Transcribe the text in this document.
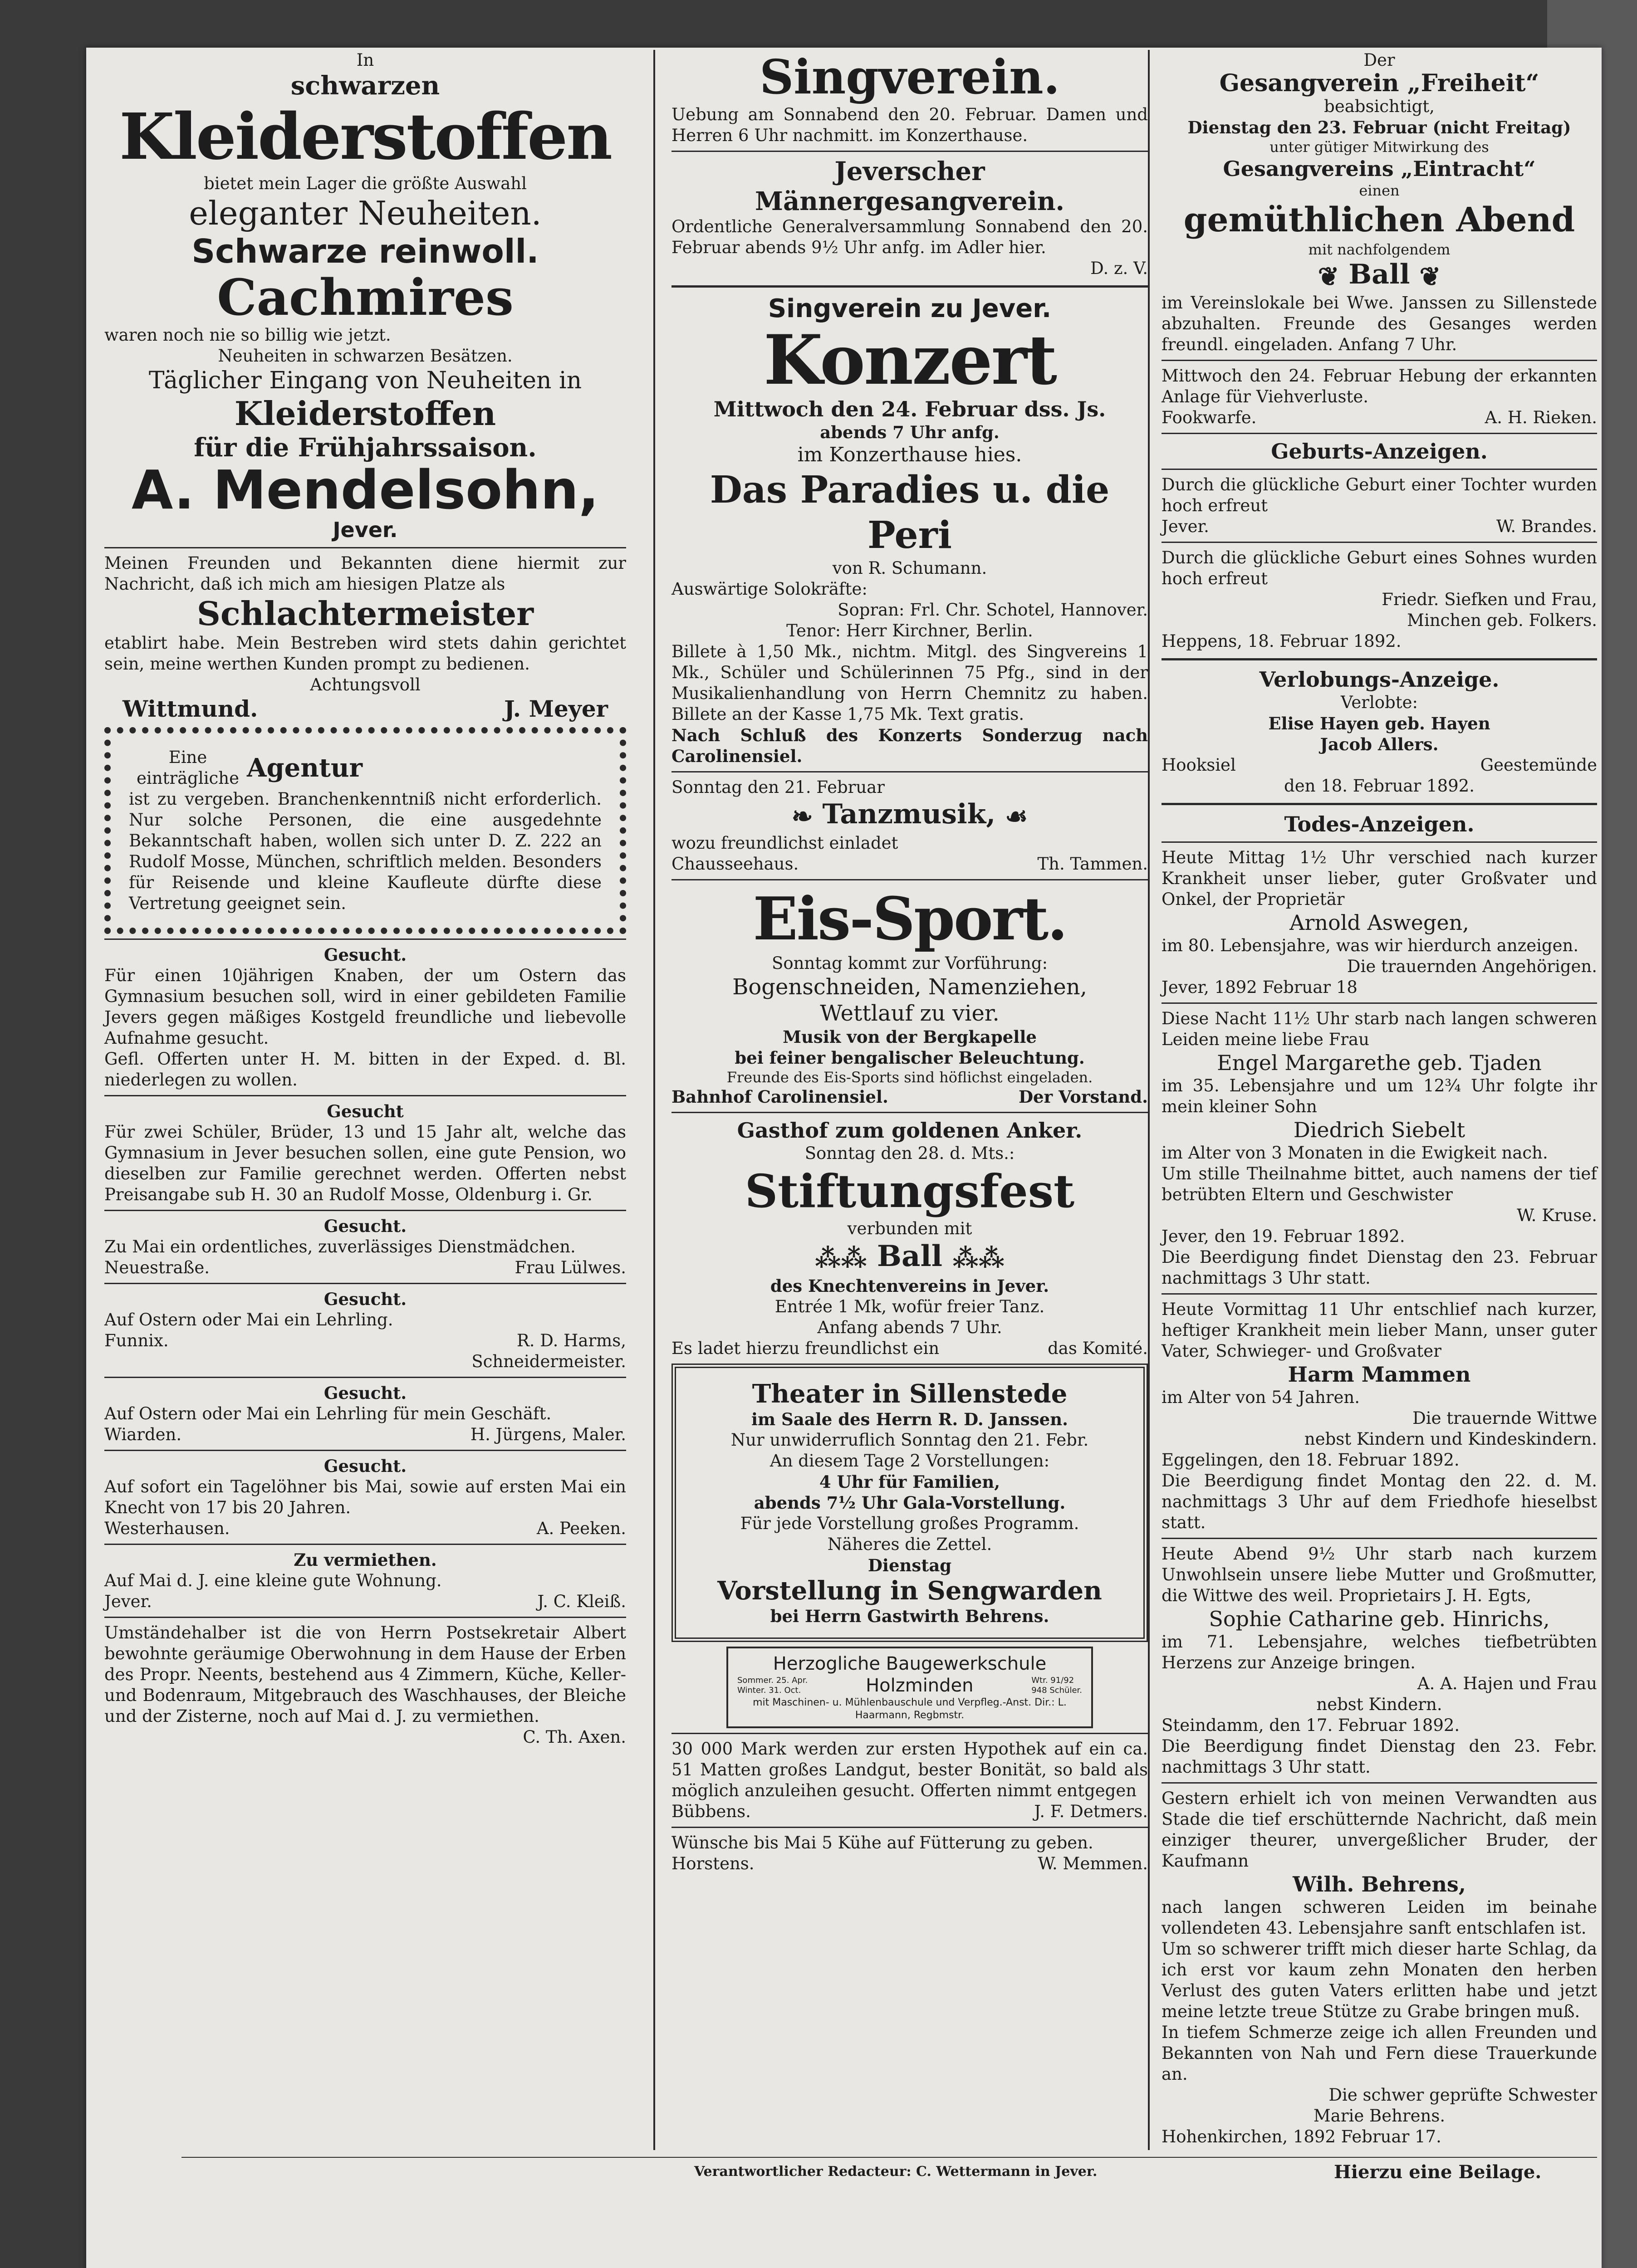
In

schwarzen

Kleiderstoffen

bietet mein Lager die größte Auswahl

eleganter Neuheiten.

Schwarze reinwoll.

Cachmires

waren noch nie so billig wie jetzt.

Neuheiten in schwarzen Besätzen.

Täglicher Eingang von Neuheiten in

Kleiderstoffen

für die Frühjahrssaison.

A. Mendelsohn,

Jever.

Meinen Freunden und Bekannten diene hiermit zur Nachricht, daß ich mich am hiesigen Platze als

Schlachtermeister

etablirt habe. Mein Bestreben wird stets dahin gerichtet sein, meine werthen Kunden prompt zu bedienen.

Achtungsvoll

Wittmund.	J. Meyer

Eine

einträgliche Agentur

ist zu vergeben. Branchenkenntniß nicht erforderlich. Nur solche Personen, die eine ausgedehnte Bekanntschaft haben, wollen sich unter D. Z. 222 an Rudolf Mosse, München, schriftlich melden. Besonders für Reisende und kleine Kaufleute dürfte diese Vertretung geeignet sein.

Gesucht.

Für einen 10jährigen Knaben, der um Ostern das Gymnasium besuchen soll, wird in einer gebildeten Familie Jevers gegen mäßiges Kostgeld freundliche und liebevolle Aufnahme gesucht.

Gefl. Offerten unter H. M. bitten in der Exped. d. Bl. niederlegen zu wollen.

Gesucht

Für zwei Schüler, Brüder, 13 und 15 Jahr alt, welche das Gymnasium in Jever besuchen sollen, eine gute Pension, wo dieselben zur Familie gerechnet werden. Offerten nebst Preisangabe sub H. 30 an Rudolf Mosse, Oldenburg i. Gr.

Gesucht.

Zu Mai ein ordentliches, zuverlässiges Dienstmädchen.

Neuestraße.	Frau Lülwes.

Gesucht.

Auf Ostern oder Mai ein Lehrling.

Funnix.	R. D. Harms,

Schneidermeister.

Gesucht.

Auf Ostern oder Mai ein Lehrling für mein Geschäft.

Wiarden.	H. Jürgens, Maler.

Gesucht.

Auf sofort ein Tagelöhner bis Mai, sowie auf ersten Mai ein Knecht von 17 bis 20 Jahren.

Westerhausen.	A. Peeken.

Zu vermiethen.

Auf Mai d. J. eine kleine gute Wohnung.

Jever.	J. C. Kleiß.

Umständehalber ist die von Herrn Postsekretair Albert bewohnte geräumige Oberwohnung in dem Hause der Erben des Propr. Neents, bestehend aus 4 Zimmern, Küche, Keller- und Bodenraum, Mitgebrauch des Waschhauses, der Bleiche und der Zisterne, noch auf Mai d. J. zu vermiethen.

C. Th. Axen.

Singverein.

Uebung am Sonnabend den 20. Februar. Damen und Herren 6 Uhr nachmitt. im Konzerthause.

Jeverscher

Männergesangverein.

Ordentliche Generalversammlung Sonnabend den 20. Februar abends 9½ Uhr anfg. im Adler hier.

D. z. V.

Singverein zu Jever.

Konzert

Mittwoch den 24. Februar dss. Js.

abends 7 Uhr anfg.

im Konzerthause hies.

Das Paradies u. die Peri

von R. Schumann.

Auswärtige Solokräfte:

Sopran: Frl. Chr. Schotel, Hannover.

Tenor: Herr Kirchner, Berlin.

Billete à 1,50 Mk., nichtm. Mitgl. des Singvereins 1 Mk., Schüler und Schülerinnen 75 Pfg., sind in der Musikalienhandlung von Herrn Chemnitz zu haben. Billete an der Kasse 1,75 Mk. Text gratis.

Nach Schluß des Konzerts Sonderzug nach Carolinensiel.

Sonntag den 21. Februar

❧ Tanzmusik, ☙

wozu freundlichst einladet

Chausseehaus.	Th. Tammen.

Eis-Sport.

Sonntag kommt zur Vorführung:

Bogenschneiden, Namenziehen,

Wettlauf zu vier.

Musik von der Bergkapelle

bei feiner bengalischer Beleuchtung.

Freunde des Eis-Sports sind höflichst eingeladen.

Bahnhof Carolinensiel.	Der Vorstand.

Gasthof zum goldenen Anker.

Sonntag den 28. d. Mts.:

Stiftungsfest

verbunden mit

⁂⁂ Ball ⁂⁂

des Knechtenvereins in Jever.

Entrée 1 Mk, wofür freier Tanz.

Anfang abends 7 Uhr.

Es ladet hierzu freundlichst ein	das Komité.

Theater in Sillenstede

im Saale des Herrn R. D. Janssen.

Nur unwiderruflich Sonntag den 21. Febr.

An diesem Tage 2 Vorstellungen:

4 Uhr für Familien,

abends 7½ Uhr Gala-Vorstellung.

Für jede Vorstellung großes Programm.

Näheres die Zettel.

Dienstag

Vorstellung in Sengwarden

bei Herrn Gastwirth Behrens.

Herzogliche Baugewerkschule

Sommer. 25. Apr.

Winter. 31. Oct.	Holzminden	Wtr. 91/92

948 Schüler.

mit Maschinen- u. Mühlenbauschule und Verpfleg.-Anst. Dir.: L. Haarmann, Regbmstr.

30 000 Mark werden zur ersten Hypothek auf ein ca. 51 Matten großes Landgut, bester Bonität, so bald als möglich anzuleihen gesucht. Offerten nimmt entgegen

Bübbens.	J. F. Detmers.

Wünsche bis Mai 5 Kühe auf Fütterung zu geben.

Horstens.	W. Memmen.

Der

Gesangverein „Freiheit“

beabsichtigt,

Dienstag den 23. Februar (nicht Freitag)

unter gütiger Mitwirkung des

Gesangvereins „Eintracht“

einen

gemüthlichen Abend

mit nachfolgendem

❦ Ball ❦

im Vereinslokale bei Wwe. Janssen zu Sillenstede abzuhalten. Freunde des Gesanges werden freundl. eingeladen. Anfang 7 Uhr.

Mittwoch den 24. Februar Hebung der erkannten Anlage für Viehverluste.

Fookwarfe.	A. H. Rieken.

Geburts-Anzeigen.

Durch die glückliche Geburt einer Tochter wurden hoch erfreut

Jever.	W. Brandes.

Durch die glückliche Geburt eines Sohnes wurden hoch erfreut

Friedr. Siefken und Frau,

Minchen geb. Folkers.

Heppens, 18. Februar 1892.

Verlobungs-Anzeige.

Verlobte:

Elise Hayen geb. Hayen

Jacob Allers.

Hooksiel	Geestemünde

den 18. Februar 1892.

Todes-Anzeigen.

Heute Mittag 1½ Uhr verschied nach kurzer Krankheit unser lieber, guter Großvater und Onkel, der Proprietär

Arnold Aswegen,

im 80. Lebensjahre, was wir hierdurch anzeigen.

Die trauernden Angehörigen.

Jever, 1892 Februar 18

Diese Nacht 11½ Uhr starb nach langen schweren Leiden meine liebe Frau

Engel Margarethe geb. Tjaden

im 35. Lebensjahre und um 12¾ Uhr folgte ihr mein kleiner Sohn

Diedrich Siebelt

im Alter von 3 Monaten in die Ewigkeit nach.

Um stille Theilnahme bittet, auch namens der tief betrübten Eltern und Geschwister

W. Kruse.

Jever, den 19. Februar 1892.

Die Beerdigung findet Dienstag den 23. Februar nachmittags 3 Uhr statt.

Heute Vormittag 11 Uhr entschlief nach kurzer, heftiger Krankheit mein lieber Mann, unser guter Vater, Schwieger- und Großvater

Harm Mammen

im Alter von 54 Jahren.

Die trauernde Wittwe

nebst Kindern und Kindeskindern.

Eggelingen, den 18. Februar 1892.

Die Beerdigung findet Montag den 22. d. M. nachmittags 3 Uhr auf dem Friedhofe hieselbst statt.

Heute Abend 9½ Uhr starb nach kurzem Unwohlsein unsere liebe Mutter und Großmutter, die Wittwe des weil. Proprietairs J. H. Egts,

Sophie Catharine geb. Hinrichs,

im 71. Lebensjahre, welches tiefbetrübten Herzens zur Anzeige bringen.

A. A. Hajen und Frau

nebst Kindern.

Steindamm, den 17. Februar 1892.

Die Beerdigung findet Dienstag den 23. Febr. nachmittags 3 Uhr statt.

Gestern erhielt ich von meinen Verwandten aus Stade die tief erschütternde Nachricht, daß mein einziger theurer, unvergeßlicher Bruder, der Kaufmann

Wilh. Behrens,

nach langen schweren Leiden im beinahe vollendeten 43. Lebensjahre sanft entschlafen ist.

Um so schwerer trifft mich dieser harte Schlag, da ich erst vor kaum zehn Monaten den herben Verlust des guten Vaters erlitten habe und jetzt meine letzte treue Stütze zu Grabe bringen muß.

In tiefem Schmerze zeige ich allen Freunden und Bekannten von Nah und Fern diese Trauerkunde an.

Die schwer geprüfte Schwester

Marie Behrens.

Hohenkirchen, 1892 Februar 17.

Verantwortlicher Redacteur: C. Wettermann in Jever.	Hierzu eine Beilage.
